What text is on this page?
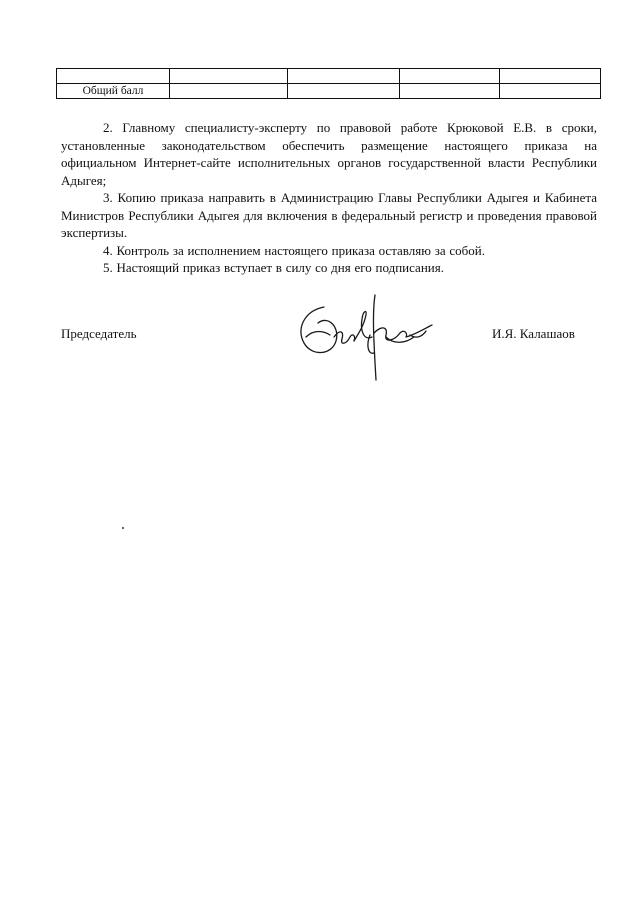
Общий балл				

2. Главному специалисту-эксперту по правовой работе Крюковой Е.В. в сроки, установленные законодательством обеспечить размещение настоящего приказа на официальном Интернет-сайте исполнительных органов государственной власти Республики Адыгея;

3. Копию приказа направить в Администрацию Главы Республики Адыгея и Кабинета Министров Республики Адыгея для включения в федеральный регистр и проведения правовой экспертизы.

4. Контроль за исполнением настоящего приказа оставляю за собой.

5. Настоящий приказ вступает в силу со дня его подписания.

Председатель	И.Я. Калашаов
